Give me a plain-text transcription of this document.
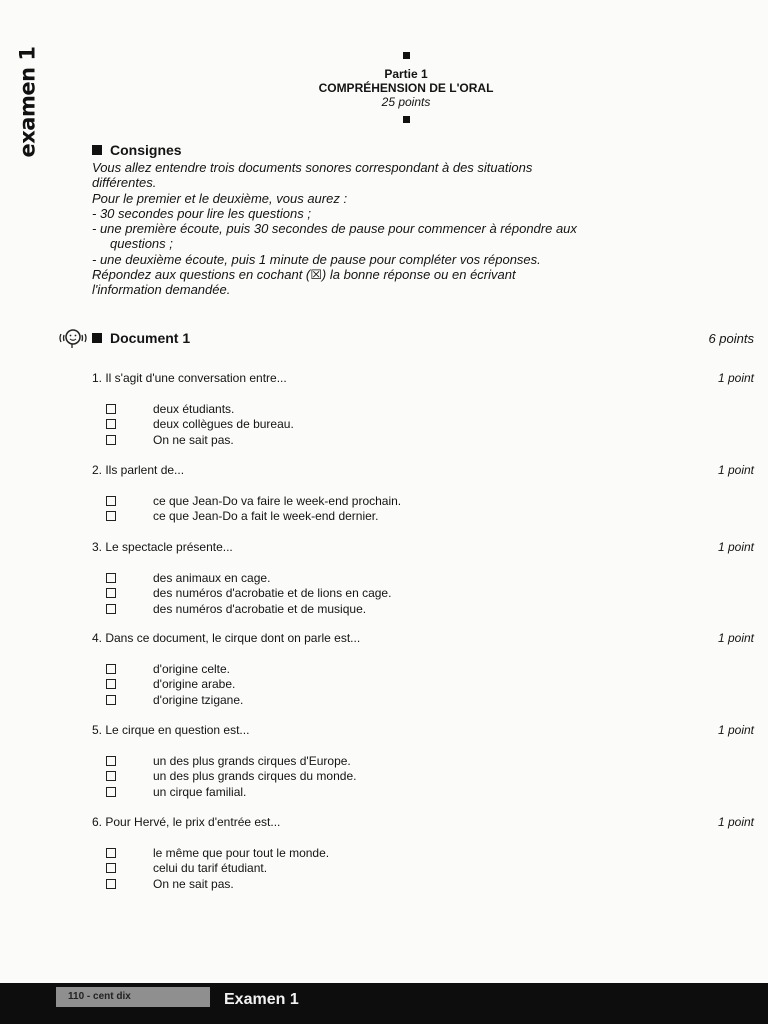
examen 1	Partie 1
COMPRÉHENSION DE L'ORAL
25 points
Consignes
Vous allez entendre trois documents sonores correspondant à des situations
différentes.
Pour le premier et le deuxième, vous aurez :
- 30 secondes pour lire les questions ;
- une première écoute, puis 30 secondes de pause pour commencer à répondre aux
questions ;
- une deuxième écoute, puis 1 minute de pause pour compléter vos réponses.
Répondez aux questions en cochant (☒) la bonne réponse ou en écrivant
l'information demandée.
Document 1	6 points
1. Il s'agit d'une conversation entre...	1 point
deux étudiants.
deux collègues de bureau.
On ne sait pas.
2. Ils parlent de...	1 point
ce que Jean-Do va faire le week-end prochain.
ce que Jean-Do a fait le week-end dernier.
3. Le spectacle présente...	1 point
des animaux en cage.
des numéros d'acrobatie et de lions en cage.
des numéros d'acrobatie et de musique.
4. Dans ce document, le cirque dont on parle est...	1 point
d'origine celte.
d'origine arabe.
d'origine tzigane.
5. Le cirque en question est...	1 point
un des plus grands cirques d'Europe.
un des plus grands cirques du monde.
un cirque familial.
6. Pour Hervé, le prix d'entrée est...	1 point
le même que pour tout le monde.
celui du tarif étudiant.
On ne sait pas.
110 - cent dix	Examen 1
